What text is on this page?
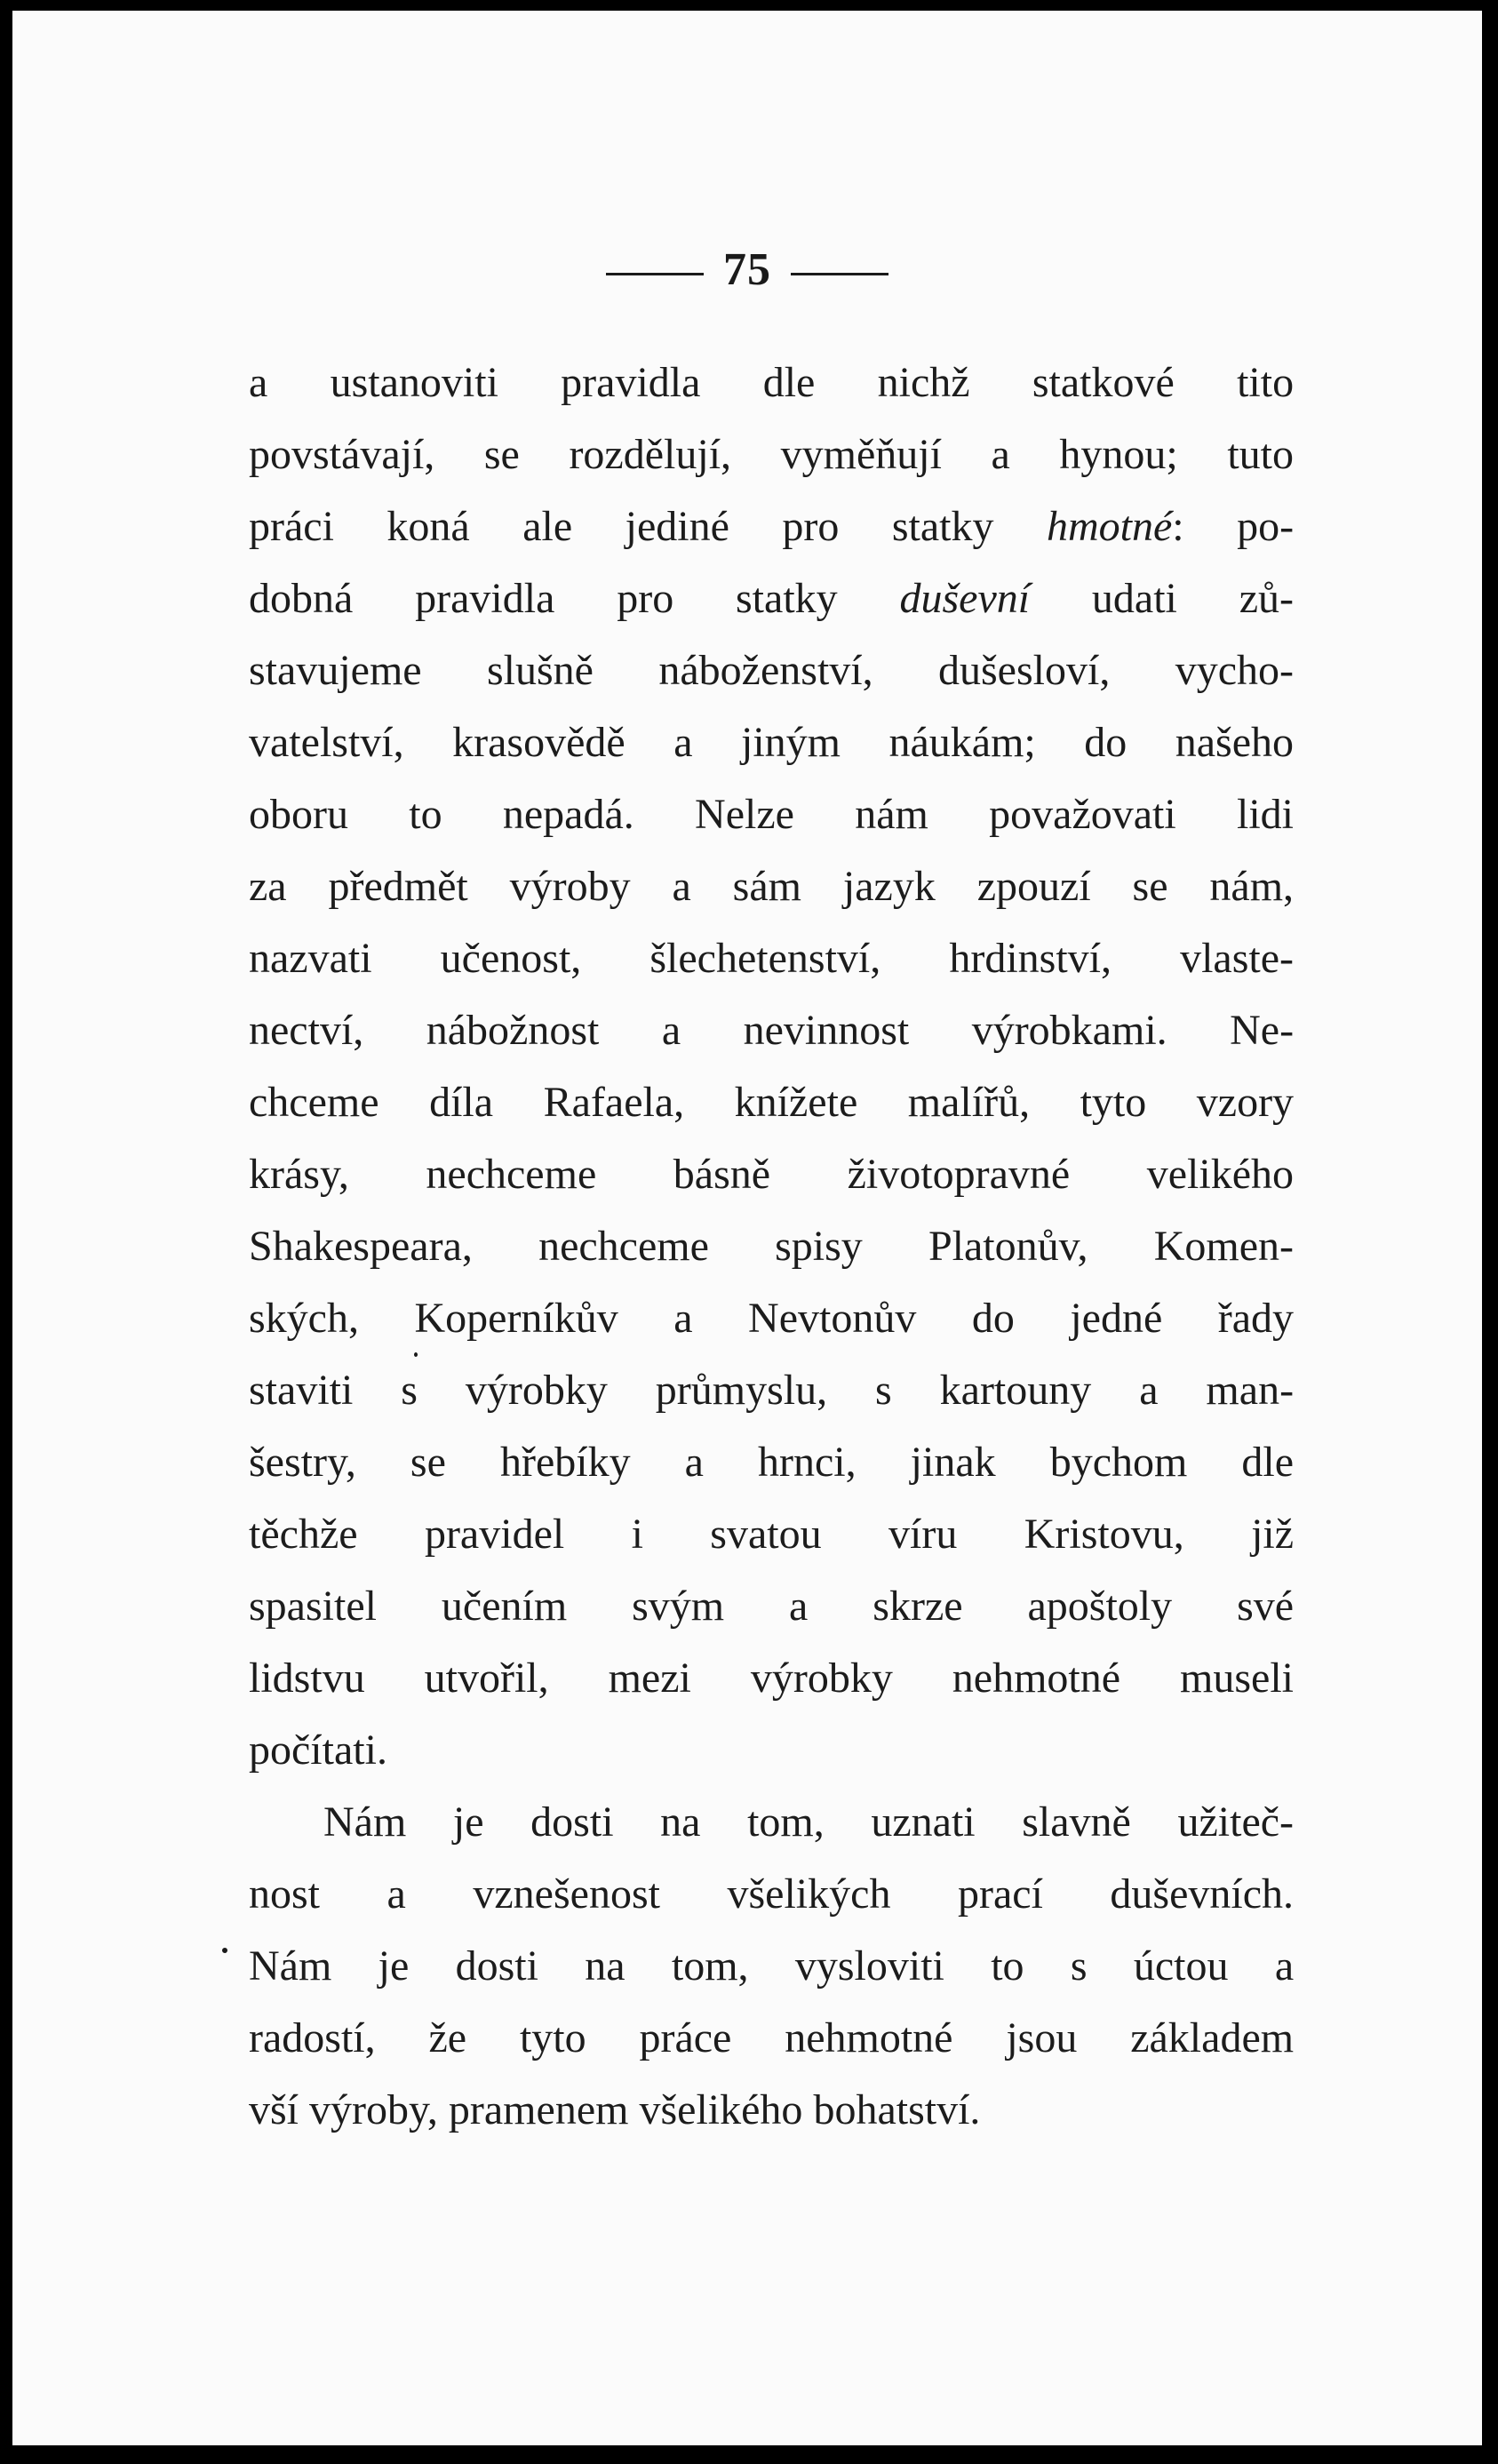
75
a ustanoviti pravidla dle nichž statkové tito
povstávají, se rozdělují, vyměňují a hynou; tuto
práci koná ale jediné pro statky hmotné: po-
dobná pravidla pro statky duševní udati zů-
stavujeme slušně náboženství, dušesloví, vycho-
vatelství, krasovědě a jiným náukám; do našeho
oboru to nepadá. Nelze nám považovati lidi
za předmět výroby a sám jazyk zpouzí se nám,
nazvati učenost, šlechetenství, hrdinství, vlaste-
nectví, nábožnost a nevinnost výrobkami. Ne-
chceme díla Rafaela, knížete malířů, tyto vzory
krásy, nechceme básně životopravné velikého
Shakespeara, nechceme spisy Platonův, Komen-
ských, Koperníkův a Nevtonův do jedné řady
staviti s výrobky průmyslu, s kartouny a man-
šestry, se hřebíky a hrnci, jinak bychom dle
těchže pravidel i svatou víru Kristovu, již
spasitel učením svým a skrze apoštoly své
lidstvu utvořil, mezi výrobky nehmotné museli
počítati.
Nám je dosti na tom, uznati slavně užiteč-
nost a vznešenost všelikých prací duševních.
Nám je dosti na tom, vysloviti to s úctou a
radostí, že tyto práce nehmotné jsou základem
vší výroby, pramenem všelikého bohatství.
